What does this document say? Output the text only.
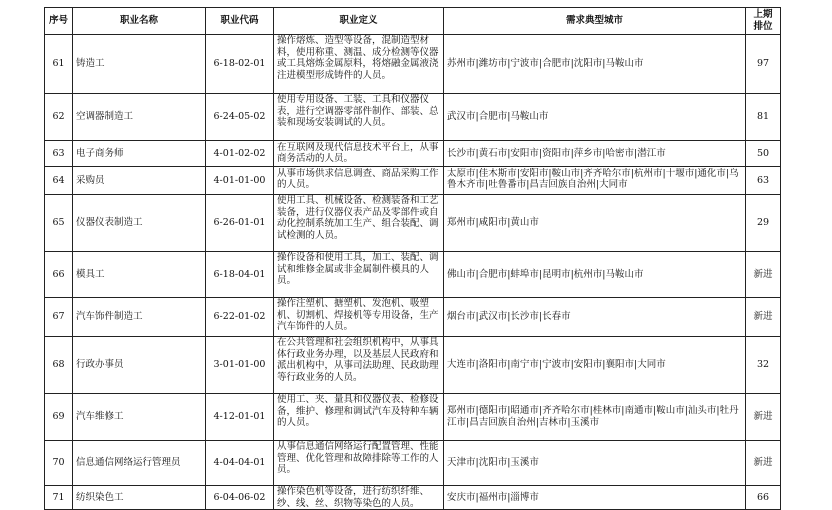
序号	职业名称	职业代码	职业定义	需求典型城市	上期排位
61	铸造工	6-18-02-01	操作熔炼、造型等设备，混制造型材料，使用称重、测温、成分检测等仪器或工具熔炼金属原料，将熔融金属液浇注进模型形成铸件的人员。	苏州市|潍坊市|宁波市|合肥市|沈阳市|马鞍山市	97
62	空调器制造工	6-24-05-02	使用专用设备、工装、工具和仪器仪表，进行空调器零部件制作、部装、总装和现场安装调试的人员。	武汉市|合肥市|马鞍山市	81
63	电子商务师	4-01-02-02	在互联网及现代信息技术平台上，从事商务活动的人员。	长沙市|黄石市|安阳市|资阳市|萍乡市|哈密市|潜江市	50
64	采购员	4-01-01-00	从事市场供求信息调查、商品采购工作的人员。	太原市|佳木斯市|安阳市|鞍山市|齐齐哈尔市|杭州市|十堰市|通化市|乌鲁木齐市|吐鲁番市|昌吉回族自治州|大同市	63
65	仪器仪表制造工	6-26-01-01	使用工具、机械设备、检测装备和工艺装备，进行仪器仪表产品及零部件或自动化控制系统加工生产、组合装配、调试检测的人员。	郑州市|咸阳市|黄山市	29
66	模具工	6-18-04-01	操作设备和使用工具，加工、装配、调试和维修金属或非金属制件模具的人员。	佛山市|合肥市|蚌埠市|昆明市|杭州市|马鞍山市	新进
67	汽车饰件制造工	6-22-01-02	操作注塑机、搪塑机、发泡机、吸塑机、切割机、焊接机等专用设备，生产汽车饰件的人员。	烟台市|武汉市|长沙市|长春市	新进
68	行政办事员	3-01-01-00	在公共管理和社会组织机构中，从事具体行政业务办理，以及基层人民政府和派出机构中，从事司法助理、民政助理等行政业务的人员。	大连市|洛阳市|南宁市|宁波市|安阳市|襄阳市|大同市	32
69	汽车维修工	4-12-01-01	使用工、夹、量具和仪器仪表、检修设备，维护、修理和调试汽车及特种车辆的人员。	郑州市|德阳市|昭通市|齐齐哈尔市|桂林市|南通市|鞍山市|汕头市|牡丹江市|昌吉回族自治州|吉林市|玉溪市	新进
70	信息通信网络运行管理员	4-04-04-01	从事信息通信网络运行配置管理、性能管理、优化管理和故障排除等工作的人员。	天津市|沈阳市|玉溪市	新进
71	纺织染色工	6-04-06-02	操作染色机等设备，进行纺织纤维、纱、线、丝、织物等染色的人员。	安庆市|福州市|淄博市	66
